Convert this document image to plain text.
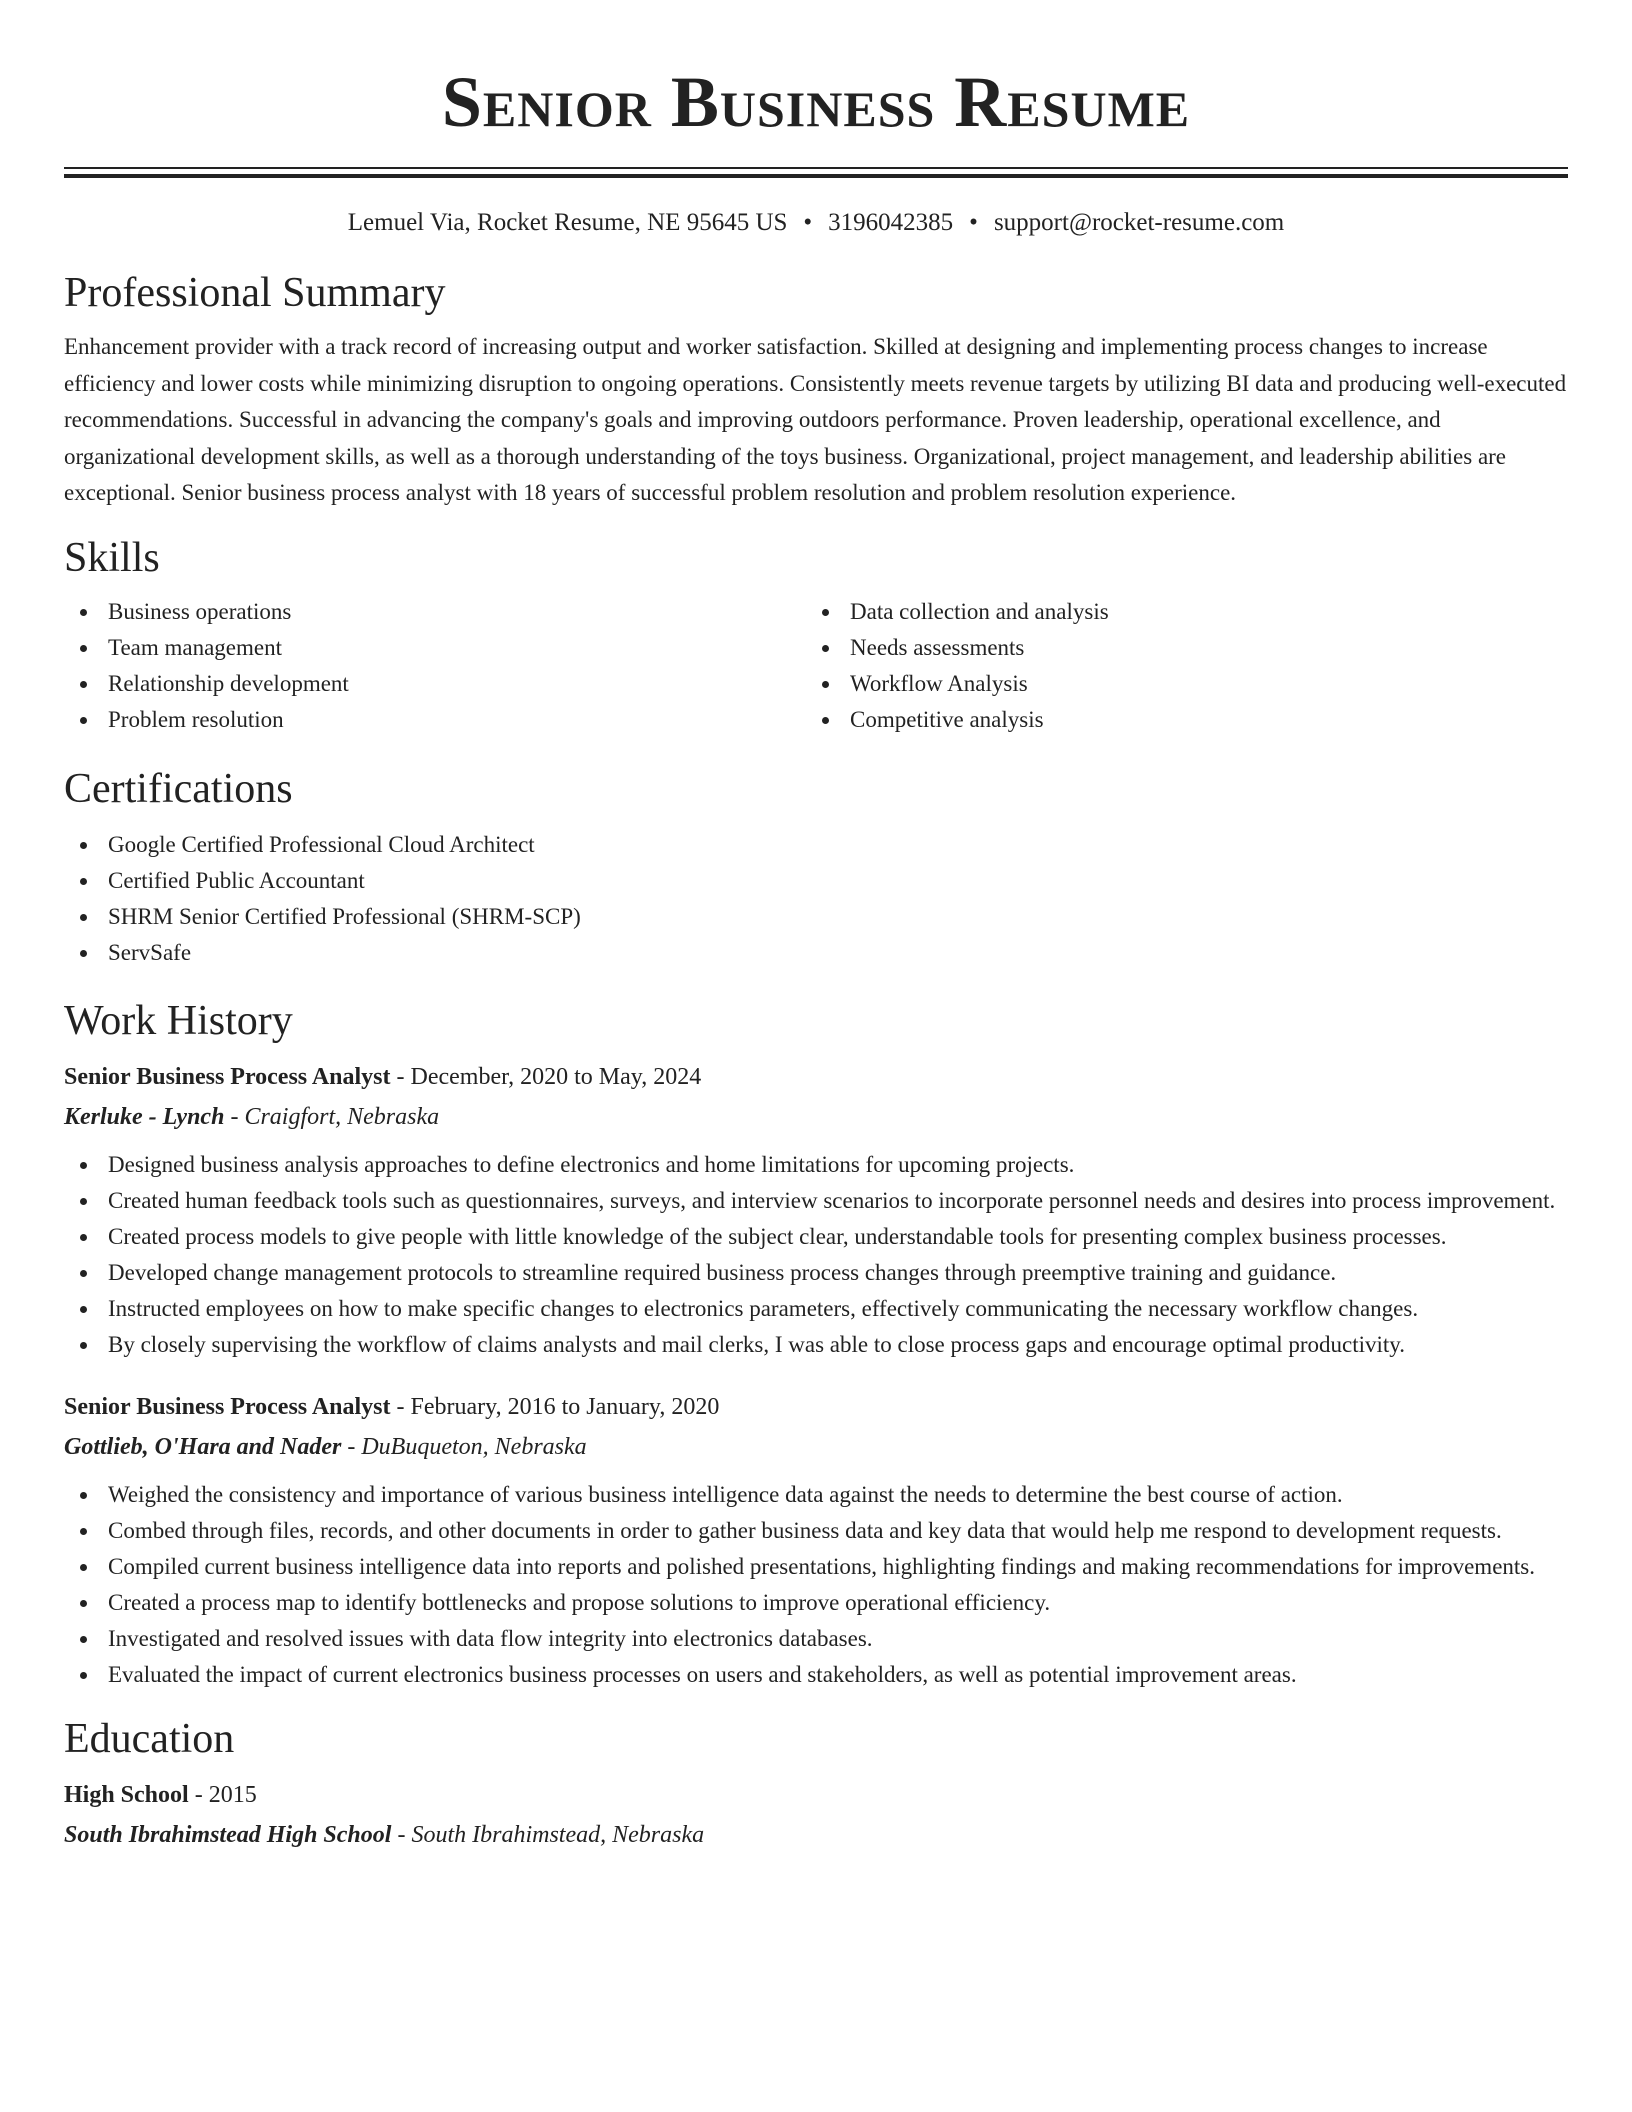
Senior Business Resume
Lemuel Via, Rocket Resume, NE 95645 US • 3196042385 • support@rocket-resume.com
Professional Summary

Enhancement provider with a track record of increasing output and worker satisfaction. Skilled at designing and implementing process changes to increase efficiency and lower costs while minimizing disruption to ongoing operations. Consistently meets revenue targets by utilizing BI data and producing well-executed recommendations. Successful in advancing the company's goals and improving outdoors performance. Proven leadership, operational excellence, and organizational development skills, as well as a thorough understanding of the toys business. Organizational, project management, and leadership abilities are exceptional. Senior business process analyst with 18 years of successful problem resolution and problem resolution experience.

Skills
Business operations
Team management
Relationship development
Problem resolution
Data collection and analysis
Needs assessments
Workflow Analysis
Competitive analysis
Certifications
Google Certified Professional Cloud Architect
Certified Public Accountant
SHRM Senior Certified Professional (SHRM-SCP)
ServSafe
Work History
Senior Business Process Analyst - December, 2020 to May, 2024
Kerluke - Lynch - Craigfort, Nebraska
Designed business analysis approaches to define electronics and home limitations for upcoming projects.
Created human feedback tools such as questionnaires, surveys, and interview scenarios to incorporate personnel needs and desires into process improvement.
Created process models to give people with little knowledge of the subject clear, understandable tools for presenting complex business processes.
Developed change management protocols to streamline required business process changes through preemptive training and guidance.
Instructed employees on how to make specific changes to electronics parameters, effectively communicating the necessary workflow changes.
By closely supervising the workflow of claims analysts and mail clerks, I was able to close process gaps and encourage optimal productivity.
Senior Business Process Analyst - February, 2016 to January, 2020
Gottlieb, O'Hara and Nader - DuBuqueton, Nebraska
Weighed the consistency and importance of various business intelligence data against the needs to determine the best course of action.
Combed through files, records, and other documents in order to gather business data and key data that would help me respond to development requests.
Compiled current business intelligence data into reports and polished presentations, highlighting findings and making recommendations for improvements.
Created a process map to identify bottlenecks and propose solutions to improve operational efficiency.
Investigated and resolved issues with data flow integrity into electronics databases.
Evaluated the impact of current electronics business processes on users and stakeholders, as well as potential improvement areas.
Education
High School - 2015
South Ibrahimstead High School - South Ibrahimstead, Nebraska
